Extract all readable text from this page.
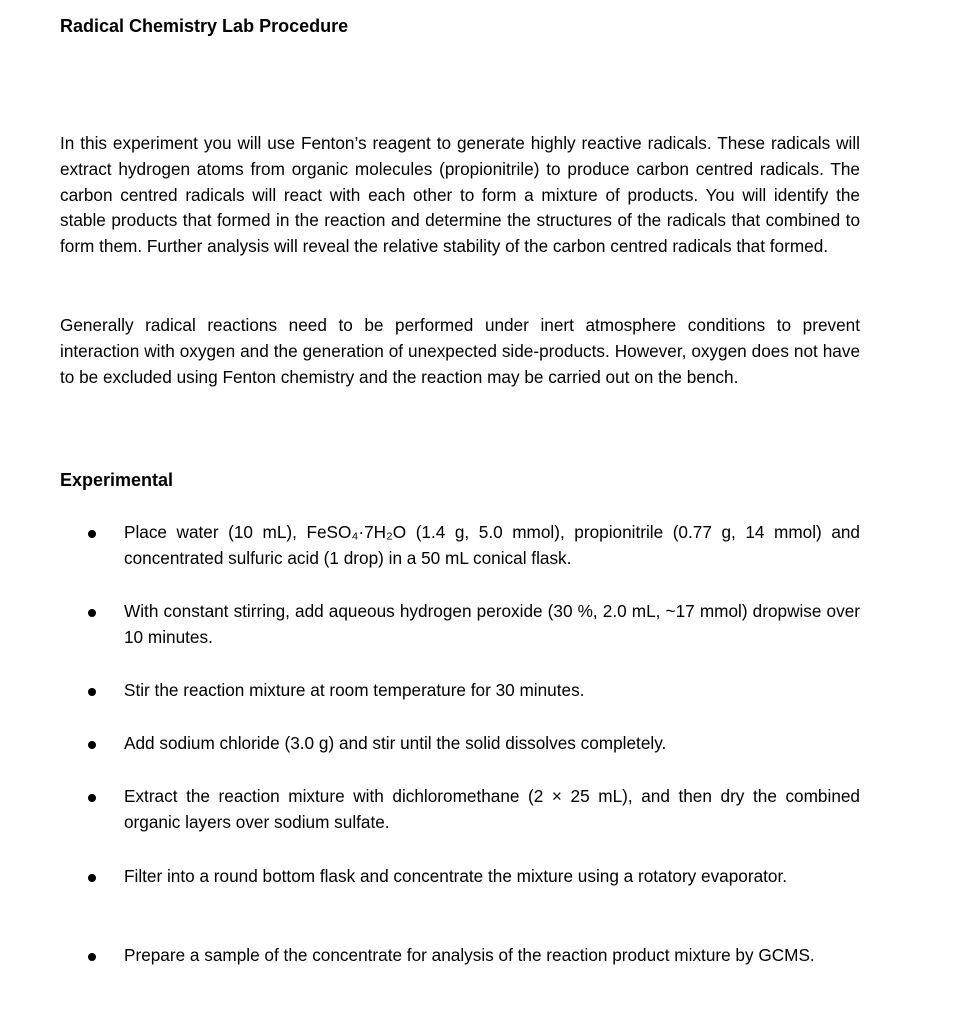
Radical Chemistry Lab Procedure
In this experiment you will use Fenton’s reagent to generate highly reactive radicals. These radicals will extract hydrogen atoms from organic molecules (propionitrile) to produce carbon centred radicals. The carbon centred radicals will react with each other to form a mixture of products. You will identify the stable products that formed in the reaction and determine the structures of the radicals that combined to form them. Further analysis will reveal the relative stability of the carbon centred radicals that formed.
Generally radical reactions need to be performed under inert atmosphere conditions to prevent interaction with oxygen and the generation of unexpected side-products. However, oxygen does not have to be excluded using Fenton chemistry and the reaction may be carried out on the bench.
Experimental
Place water (10 mL), FeSO₄·7H₂O (1.4 g, 5.0 mmol), propionitrile (0.77 g, 14 mmol) and concentrated sulfuric acid (1 drop) in a 50 mL conical flask.
With constant stirring, add aqueous hydrogen peroxide (30 %, 2.0 mL, ~17 mmol) dropwise over 10 minutes.
Stir the reaction mixture at room temperature for 30 minutes.
Add sodium chloride (3.0 g) and stir until the solid dissolves completely.
Extract the reaction mixture with dichloromethane (2 × 25 mL), and then dry the combined organic layers over sodium sulfate.
Filter into a round bottom flask and concentrate the mixture using a rotatory evaporator.
Prepare a sample of the concentrate for analysis of the reaction product mixture by GCMS.
